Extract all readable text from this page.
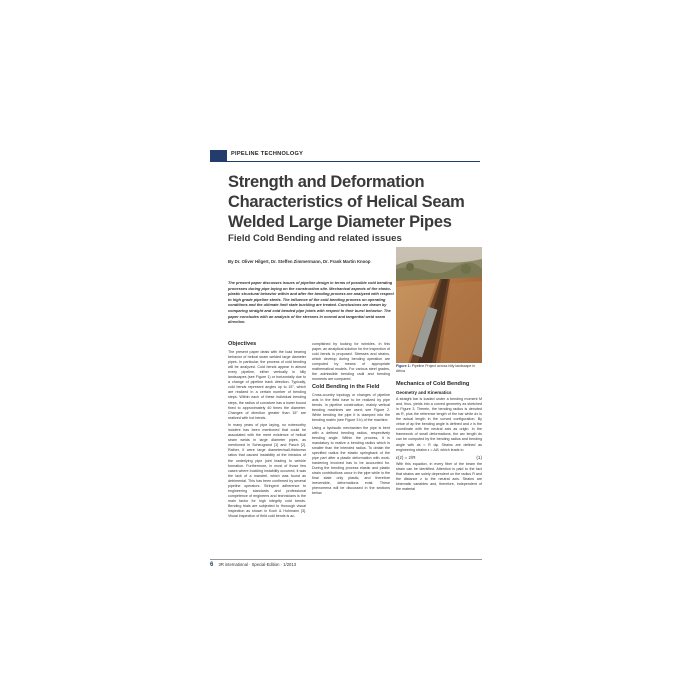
PIPELINE TECHNOLOGY
Strength and Deformation Characteristics of Helical Seam Welded Large Diameter Pipes
Field Cold Bending and related issues
By Dr. Oliver Hilgert, Dr. Steffen Zimmermann, Dr. Frank Martin Knoop
The present paper discusses issues of pipeline design in terms of possible cold bending processes during pipe laying on the construction site. Mechanical aspects of the elasto-plastic structural behavior within and after the bending process are analyzed with respect to high grade pipeline steels. The influence of the cold bending process on operating conditions and the ultimate limit state buckling are treated. Conclusions are drawn by comparing straight and cold bended pipe joints with respect to their burst behavior. The paper concludes with an analysis of the stresses in normal and tangential weld seam direction.
Figure 1: Pipeline Project across hilly landscape in Africa
Objectives

The present paper deals with the load bearing behavior of helical seam welded large diameter pipes. In particular, the process of cold bending will be analyzed. Cold bends appear in almost every pipeline, either vertically in hilly landscapes (see Figure 1) or horizontally due to a change of pipeline track direction. Typically, cold bends represent angles up to 15°, which are realized in a certain number of bending steps. Within each of these individual bending steps, the radius of curvature has a lower bound fixed to approximately 40 times the diameter. Changes of direction greater than 15° are realized with hot bends.

In many years of pipe laying, no noteworthy incident has been mentioned that could be associated with the mere existence of helical seam welds in large diameter pipes, as mentioned in Scheugrand [1] and Pasch [2]. Rather, it were large diameter/wall-thickness ratios that caused instability at the intrados of the underlying pipe joint leading to wrinkle formation. Furthermore, in most of those few cases where buckling instability occurred, it was the lack of a mandrel, which was found as detrimental. This has been confirmed by several pipeline operators. Stringent adherence to engineering standards and professional competence of engineers and technicians is the main factor for high integrity cold bends. Bending trials are subjected to thorough visual inspection as shown in Koch & Hohmann [3]. Visual inspection of field cold bends is ac-

complished by looking for wrinkles. In this paper, an analytical solution for the inspection of cold bends is proposed. Stresses and strains, which develop during bending operation are computed by means of appropriate mathematical models. For various steel grades, the admissible bending radii and bending moments are compared.

Cold Bending in the Field

Cross-country topology or changes of pipeline axis in the field have to be realized by pipe bends. In pipeline construction, mainly vertical bending machines are used; see Figure 2. While bending the pipe it is clamped into the bending matrix (see Figure 3 b) of the machine.

Using a hydraulic mechanism the pipe is bent with a defined bending radius, respectively bending angle. Within the process, it is mandatory to realize a bending radius which is smaller than the intended radius. To obtain the specified radius the elastic springback of the pipe part after a plastic deformation with work-hardening involved has to be accounted for. During the bending process elastic and plastic strain contributions occur in the pipe while in the final state only plastic, and therefore irreversible, deformations exist. These phenomena will be discussed in the sections below.

Mechanics of Cold Bending
Geometry and Kinematics

A straight bar is loaded under a bending moment M and, thus, yields into a curved geometry as sketched in Figure 3. Therein, the bending radius is denoted as R, plus the reference length of the bar while dx is the actual length in the curved configuration. By virtue of ap the bending angle is defined and z is the coordinate with the neutral axis as origin. In the framework of small deformations, the arc length ds can be computed by the bending radius and bending angle with ds = R dφ. Strains are defined as engineering strains ε = Δl/l, which leads to

ε(z) = z/R	(1)

With this equation, in every fiber of the beam the strain can be identified. Attention is paid to the fact that strains are solely dependent on the radius R and the distance z to the neutral axis. Strains are kinematic variables and, therefore, independent of the material

6 3R international · Special-Edition · 1/2013
